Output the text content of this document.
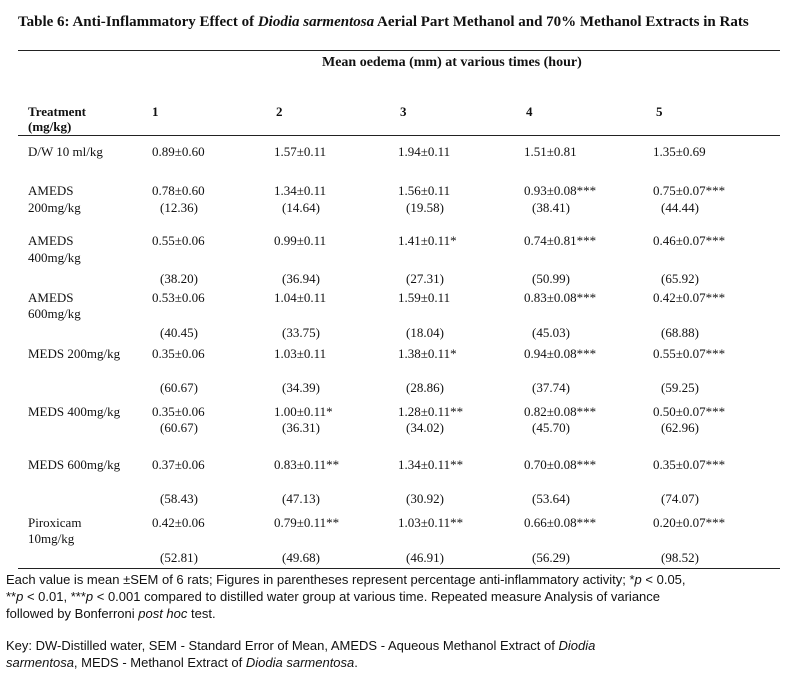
Table 6: Anti-Inflammatory Effect of Diodia sarmentosa Aerial Part Methanol and 70% Methanol Extracts in Rats
Mean oedema (mm) at various times (hour)
Treatment
(mg/kg)
1	2	3	4	5
D/W 10 ml/kg	0.89±0.60	1.57±0.11	1.94±0.11	1.51±0.81	1.35±0.69
AMEDS
200mg/kg
0.78±0.60	1.34±0.11	1.56±0.11	0.93±0.08***	0.75±0.07***
(12.36)	(14.64)	(19.58)	(38.41)	(44.44)
AMEDS
400mg/kg
0.55±0.06	0.99±0.11	1.41±0.11*	0.74±0.81***	0.46±0.07***
(38.20)	(36.94)	(27.31)	(50.99)	(65.92)
AMEDS
600mg/kg
0.53±0.06	1.04±0.11	1.59±0.11	0.83±0.08***	0.42±0.07***
(40.45)	(33.75)	(18.04)	(45.03)	(68.88)
MEDS 200mg/kg 0.35±0.06	1.03±0.11	1.38±0.11*	0.94±0.08***	0.55±0.07***
(60.67)	(34.39)	(28.86)	(37.74)	(59.25)
MEDS 400mg/kg 0.35±0.06	1.00±0.11*	1.28±0.11**	0.82±0.08***	0.50±0.07***
(60.67)	(36.31)	(34.02)	(45.70)	(62.96)
MEDS 600mg/kg 0.37±0.06	0.83±0.11**	1.34±0.11**	0.70±0.08***	0.35±0.07***
(58.43)	(47.13)	(30.92)	(53.64)	(74.07)
Piroxicam
10mg/kg
0.42±0.06	0.79±0.11**	1.03±0.11**	0.66±0.08***	0.20±0.07***
(52.81)	(49.68)	(46.91)	(56.29)	(98.52)
Each value is mean ±SEM of 6 rats; Figures in parentheses represent percentage anti-inflammatory activity; *p < 0.05,
**p < 0.01, ***p < 0.001 compared to distilled water group at various time. Repeated measure Analysis of variance
followed by Bonferroni post hoc test.
Key: DW-Distilled water, SEM - Standard Error of Mean, AMEDS - Aqueous Methanol Extract of Diodia
sarmentosa, MEDS - Methanol Extract of Diodia sarmentosa.
